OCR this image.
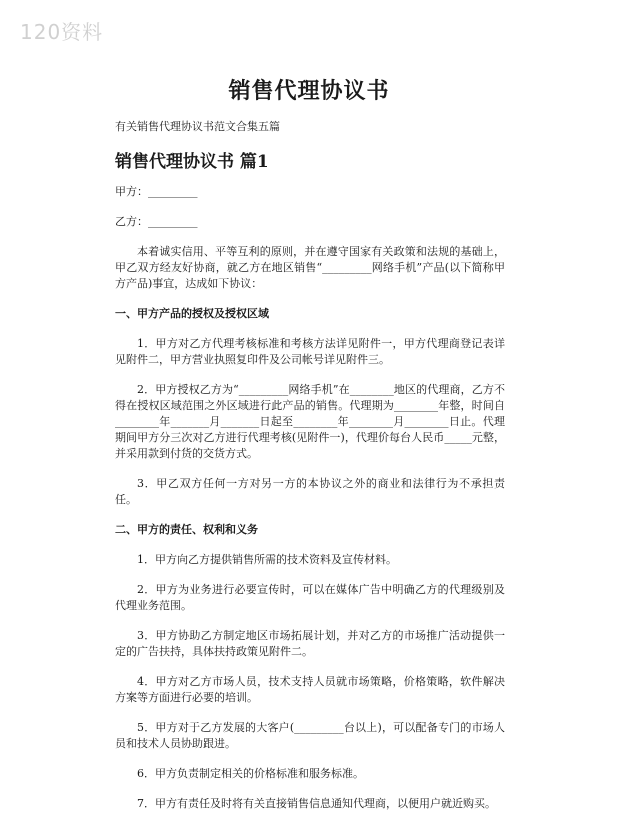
120资料
销售代理协议书
有关销售代理协议书范文合集五篇
销售代理协议书 篇1

甲方：_________

乙方：_________

本着诚实信用、平等互利的原则，并在遵守国家有关政策和法规的基础上，甲乙双方经友好协商，就乙方在地区销售“_________网络手机”产品(以下简称甲方产品)事宜，达成如下协议：

一、甲方产品的授权及授权区域

1．甲方对乙方代理考核标准和考核方法详见附件一，甲方代理商登记表详见附件二，甲方营业执照复印件及公司帐号详见附件三。

2．甲方授权乙方为“_________网络手机”在________地区的代理商，乙方不得在授权区域范围之外区域进行此产品的销售。代理期为________年整，时间自________年_______月_______日起至________年________月________日止。代理期间甲方分三次对乙方进行代理考核(见附件一)，代理价每台人民币_____元整，并采用款到付货的交货方式。

3．甲乙双方任何一方对另一方的本协议之外的商业和法律行为不承担责任。

二、甲方的责任、权利和义务

1．甲方向乙方提供销售所需的技术资料及宣传材料。

2．甲方为业务进行必要宣传时，可以在媒体广告中明确乙方的代理级别及代理业务范围。

3．甲方协助乙方制定地区市场拓展计划，并对乙方的市场推广活动提供一定的广告扶持，具体扶持政策见附件二。

4．甲方对乙方市场人员，技术支持人员就市场策略，价格策略，软件解决方案等方面进行必要的培训。

5．甲方对于乙方发展的大客户(_________台以上)，可以配备专门的市场人员和技术人员协助跟进。

6．甲方负责制定相关的价格标准和服务标准。

7．甲方有责任及时将有关直接销售信息通知代理商，以便用户就近购买。
